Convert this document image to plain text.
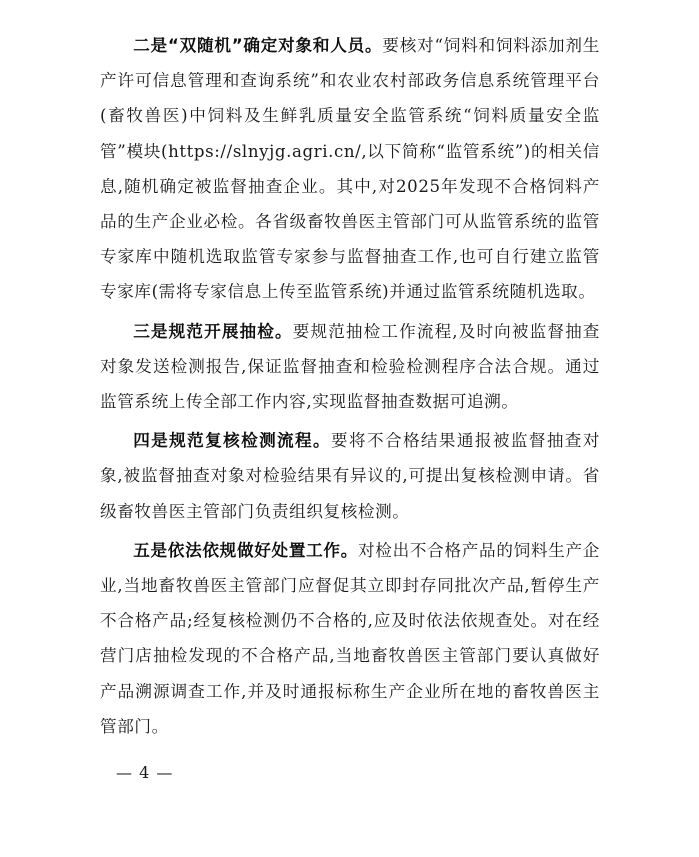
二是“双随机”确定对象和人员。要核对“饲料和饲料添加剂生产许可信息管理和查询系统”和农业农村部政务信息系统管理平台(畜牧兽医)中饲料及生鲜乳质量安全监管系统“饲料质量安全监管”模块(https://slnyjg.agri.cn/,以下简称“监管系统”)的相关信息,随机确定被监督抽查企业。其中,对2025年发现不合格饲料产品的生产企业必检。各省级畜牧兽医主管部门可从监管系统的监管专家库中随机选取监管专家参与监督抽查工作,也可自行建立监管专家库(需将专家信息上传至监管系统)并通过监管系统随机选取。

三是规范开展抽检。要规范抽检工作流程,及时向被监督抽查对象发送检测报告,保证监督抽查和检验检测程序合法合规。通过监管系统上传全部工作内容,实现监督抽查数据可追溯。

四是规范复核检测流程。要将不合格结果通报被监督抽查对象,被监督抽查对象对检验结果有异议的,可提出复核检测申请。省级畜牧兽医主管部门负责组织复核检测。

五是依法依规做好处置工作。对检出不合格产品的饲料生产企业,当地畜牧兽医主管部门应督促其立即封存同批次产品,暂停生产不合格产品;经复核检测仍不合格的,应及时依法依规查处。对在经营门店抽检发现的不合格产品,当地畜牧兽医主管部门要认真做好产品溯源调查工作,并及时通报标称生产企业所在地的畜牧兽医主管部门。

— 4 —
